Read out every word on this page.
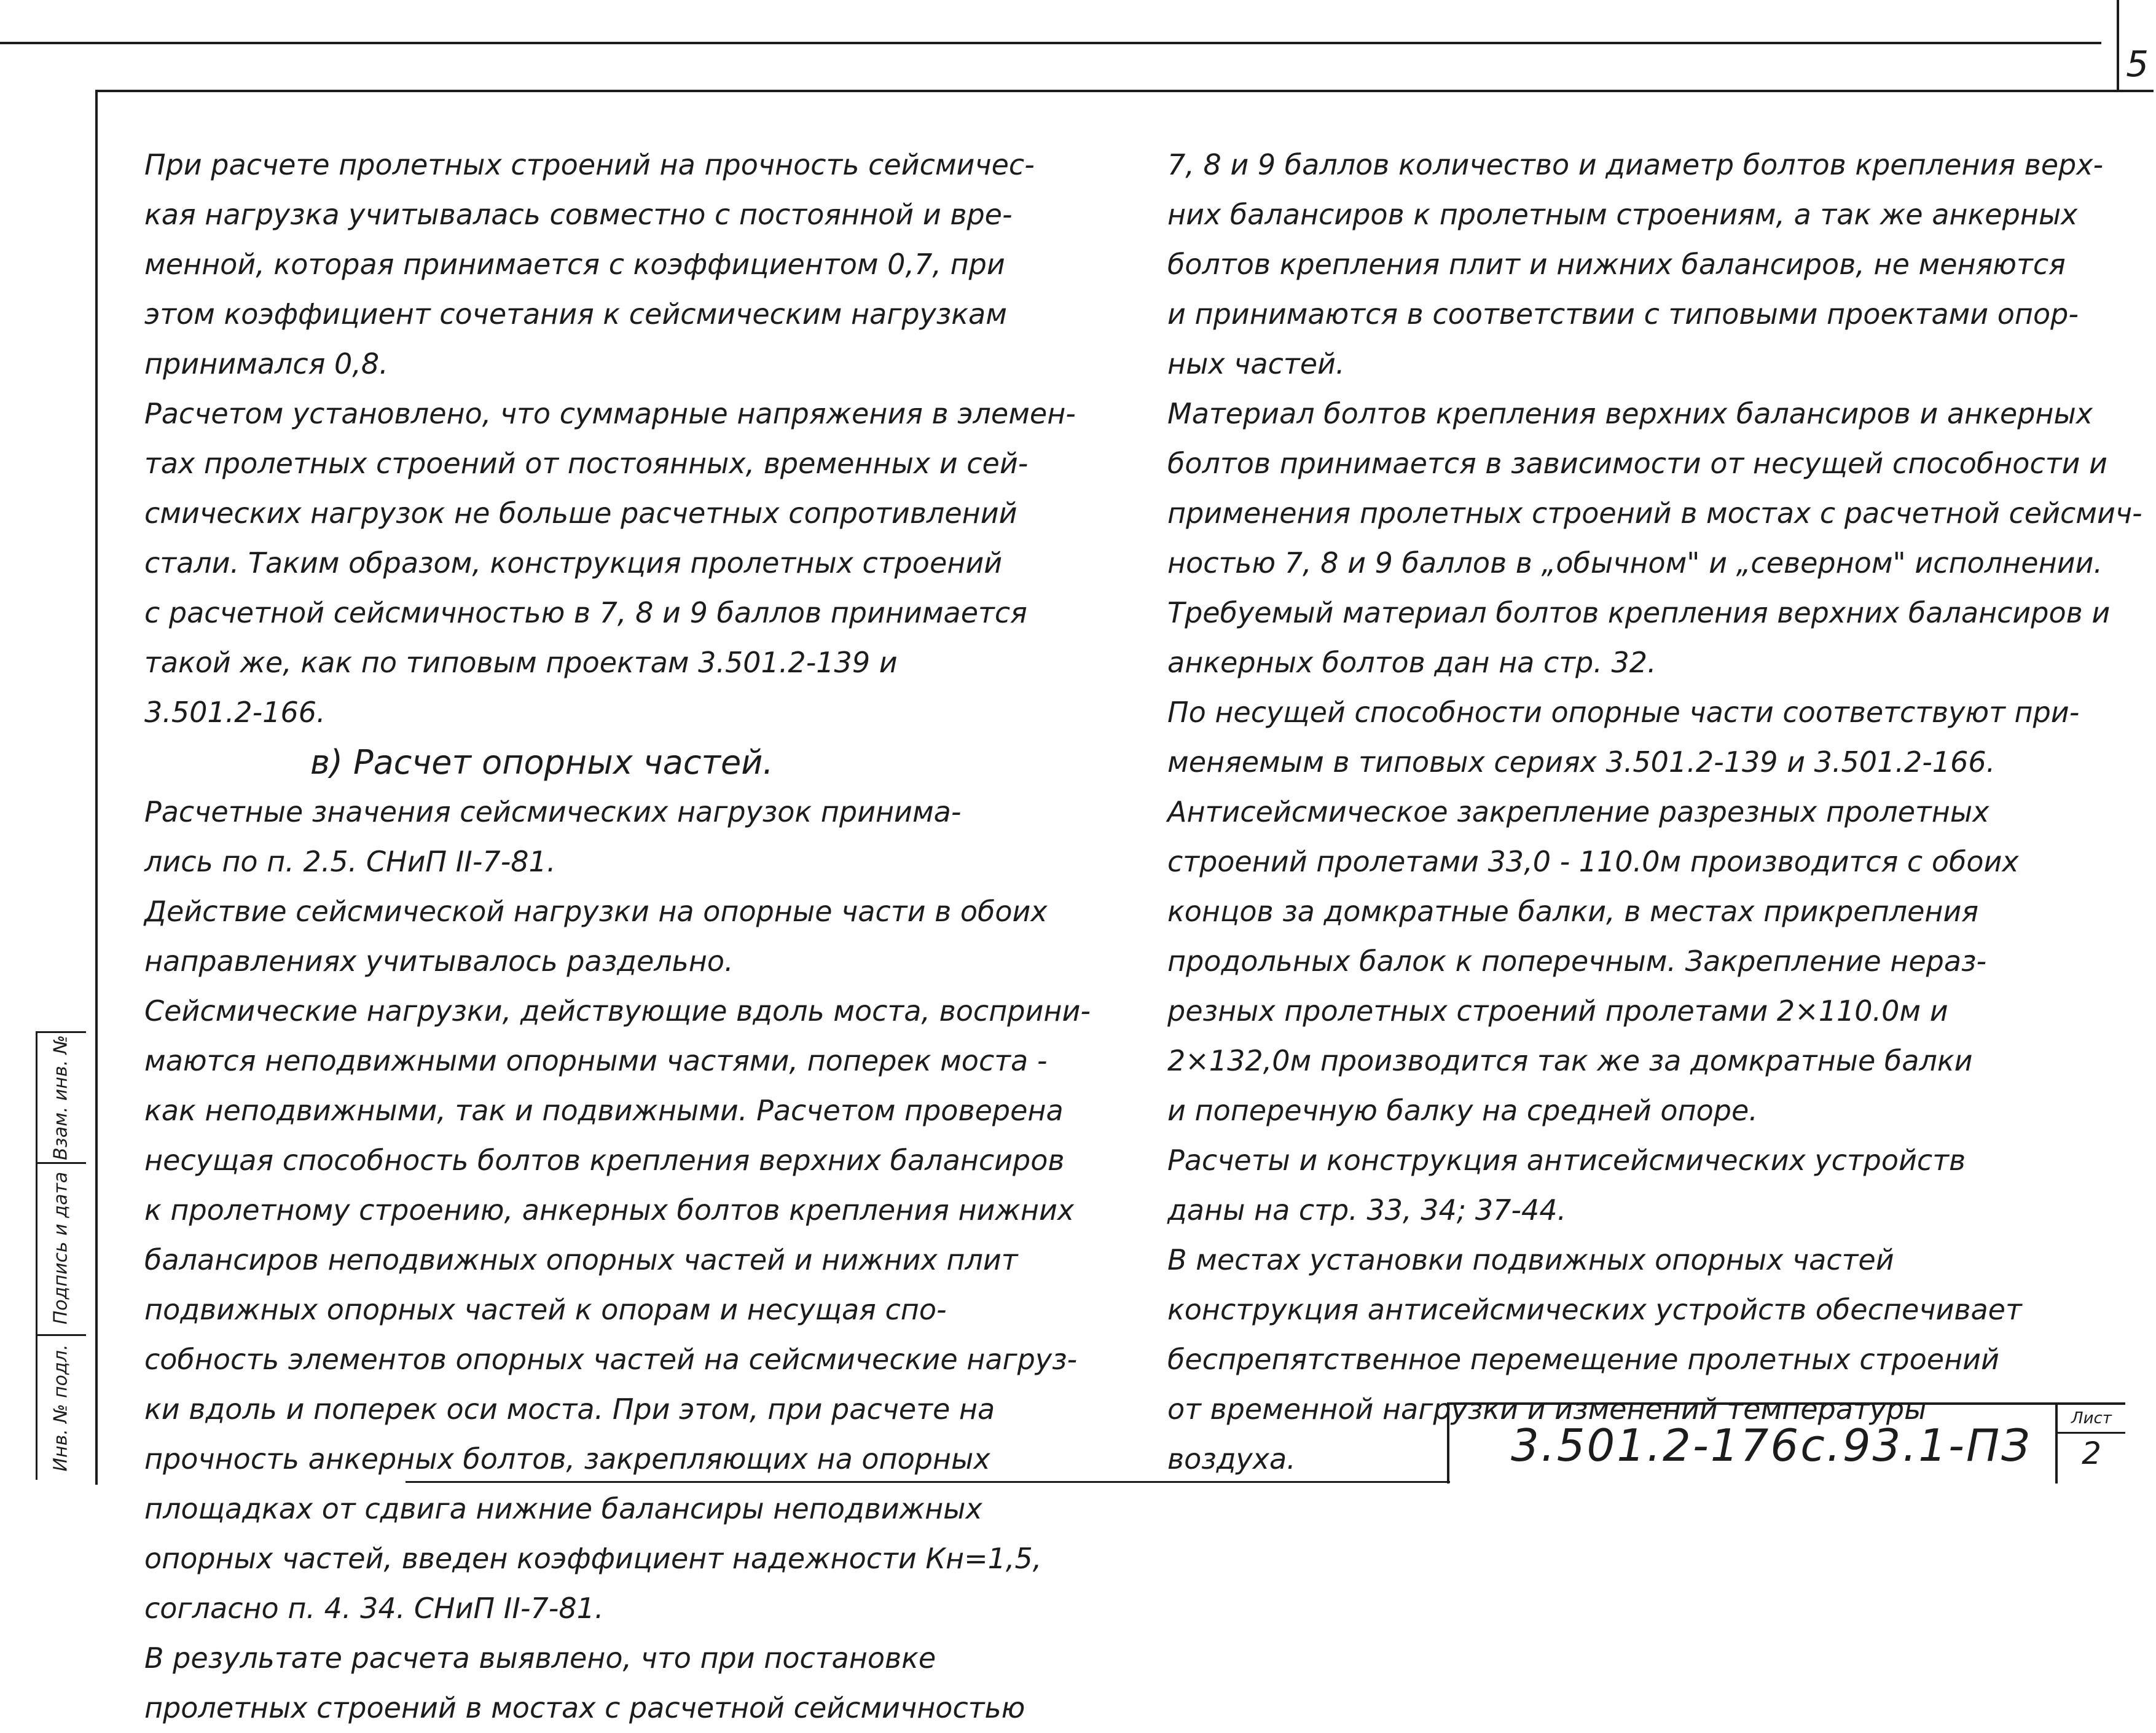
5
При расчете пролетных строений на прочность сейсмичес-
кая нагрузка учитывалась совместно с постоянной и вре-
менной, которая принимается с коэффициентом 0,7, при
этом коэффициент сочетания к сейсмическим нагрузкам
принимался 0,8.
Расчетом установлено, что суммарные напряжения в элемен-
тах пролетных строений от постоянных, временных и сей-
смических нагрузок не больше расчетных сопротивлений
стали. Таким образом, конструкция пролетных строений
с расчетной сейсмичностью в 7, 8 и 9 баллов принимается
такой же, как по типовым проектам 3.501.2-139 и
3.501.2-166.
в) Расчет опорных частей.
Расчетные значения сейсмических нагрузок принима-
лись по п. 2.5. СНиП II-7-81.
Действие сейсмической нагрузки на опорные части в обоих
направлениях учитывалось раздельно.
Сейсмические нагрузки, действующие вдоль моста, восприни-
маются неподвижными опорными частями, поперек моста -
как неподвижными, так и подвижными. Расчетом проверена
несущая способность болтов крепления верхних балансиров
к пролетному строению, анкерных болтов крепления нижних
балансиров неподвижных опорных частей и нижних плит
подвижных опорных частей к опорам и несущая спо-
собность элементов опорных частей на сейсмические нагруз-
ки вдоль и поперек оси моста. При этом, при расчете на
прочность анкерных болтов, закрепляющих на опорных
площадках от сдвига нижние балансиры неподвижных
опорных частей, введен коэффициент надежности Кн=1,5,
согласно п. 4. 34. СНиП II-7-81.
В результате расчета выявлено, что при постановке
пролетных строений в мостах с расчетной сейсмичностью
7, 8 и 9 баллов количество и диаметр болтов крепления верх-
них балансиров к пролетным строениям, а так же анкерных
болтов крепления плит и нижних балансиров, не меняются
и принимаются в соответствии с типовыми проектами опор-
ных частей.
Материал болтов крепления верхних балансиров и анкерных
болтов принимается в зависимости от несущей способности и
применения пролетных строений в мостах с расчетной сейсмич-
ностью 7, 8 и 9 баллов в „обычном" и „северном" исполнении.
Требуемый материал болтов крепления верхних балансиров и
анкерных болтов дан на стр. 32.
По несущей способности опорные части соответствуют при-
меняемым в типовых сериях 3.501.2-139 и 3.501.2-166.
Антисейсмическое закрепление разрезных пролетных
строений пролетами 33,0 - 110.0м производится с обоих
концов за домкратные балки, в местах прикрепления
продольных балок к поперечным. Закрепление нераз-
резных пролетных строений пролетами 2×110.0м и
2×132,0м производится так же за домкратные балки
и поперечную балку на средней опоре.
Расчеты и конструкция антисейсмических устройств
даны на стр. 33, 34; 37-44.
В местах установки подвижных опорных частей
конструкция антисейсмических устройств обеспечивает
беспрепятственное перемещение пролетных строений
от временной нагрузки и изменений температуры
воздуха.
Взам. инв. №
Подпись и дата
Инв. № подл.	3.501.2-176с.93.1-ПЗ
Лист
2
